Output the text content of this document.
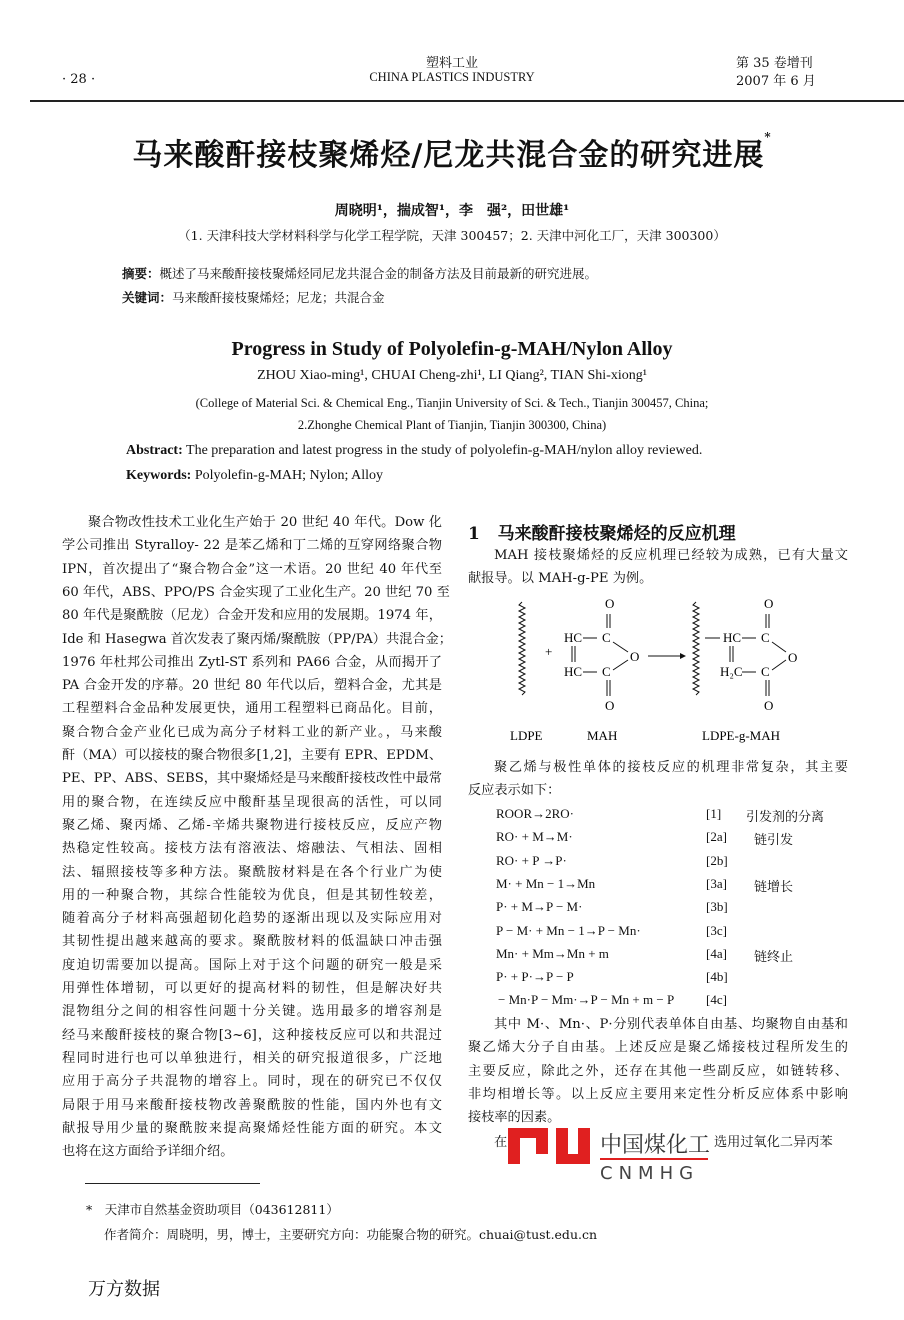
· 28 ·
塑料工业
CHINA PLASTICS INDUSTRY
第 35 卷增刊
2007 年 6 月
马来酸酐接枝聚烯烃/尼龙共混合金的研究进展*
周晓明¹，揣成智¹，李　强²，田世雄¹
（1. 天津科技大学材料科学与化学工程学院，天津 300457；2. 天津中河化工厂，天津 300300）
摘要：概述了马来酸酐接枝聚烯烃同尼龙共混合金的制备方法及目前最新的研究进展。
关键词：马来酸酐接枝聚烯烃；尼龙；共混合金
Progress in Study of Polyolefin-g-MAH/Nylon Alloy
ZHOU Xiao-ming¹, CHUAI Cheng-zhi¹, LI Qiang², TIAN Shi-xiong¹
(College of Material Sci. & Chemical Eng., Tianjin University of Sci. & Tech., Tianjin 300457, China;
2.Zhonghe Chemical Plant of Tianjin, Tianjin 300300, China)
Abstract: The preparation and latest progress in the study of polyolefin-g-MAH/nylon alloy reviewed.
Keywords: Polyolefin-g-MAH; Nylon; Alloy
聚合物改性技术工业化生产始于 20 世纪 40 年代。Dow 化
学公司推出 Styralloy- 22 是苯乙烯和丁二烯的互穿网络聚合物
IPN，首次提出了“聚合物合金”这一术语。20 世纪 40 年代至
60 年代，ABS、PPO/PS 合金实现了工业化生产。20 世纪 70 至
80 年代是聚酰胺（尼龙）合金开发和应用的发展期。1974 年，
Ide 和 Hasegwa 首次发表了聚丙烯/聚酰胺（PP/PA）共混合金；
1976 年杜邦公司推出 Zytl-ST 系列和 PA66 合金，从而揭开了
PA 合金开发的序幕。20 世纪 80 年代以后，塑料合金，尤其是
工程塑料合金品种发展更快，通用工程塑料已商品化。目前，
聚合物合金产业化已成为高分子材料工业的新产业。，马来酸
酐（MA）可以接枝的聚合物很多[1,2]，主要有 EPR、EPDM、
PE、PP、ABS、SEBS，其中聚烯烃是马来酸酐接枝改性中最常
用的聚合物，在连续反应中酸酐基呈现很高的活性，可以同
聚乙烯、聚丙烯、乙烯-辛烯共聚物进行接枝反应，反应产物
热稳定性较高。接枝方法有溶液法、熔融法、气相法、固相
法、辐照接枝等多种方法。聚酰胺材料是在各个行业广为使
用的一种聚合物，其综合性能较为优良，但是其韧性较差，
随着高分子材料高强超韧化趋势的逐渐出现以及实际应用对
其韧性提出越来越高的要求。聚酰胺材料的低温缺口冲击强
度迫切需要加以提高。国际上对于这个问题的研究一般是采
用弹性体增韧，可以更好的提高材料的韧性，但是解决好共
混物组分之间的相容性问题十分关键。选用最多的增容剂是
经马来酸酐接枝的聚合物[3~6]，这种接枝反应可以和共混过
程同时进行也可以单独进行，相关的研究报道很多，广泛地
应用于高分子共混物的增容上。同时，现在的研究已不仅仅
局限于用马来酸酐接枝物改善聚酰胺的性能，国内外也有文
献报导用少量的聚酰胺来提高聚烯烃性能方面的研究。本文
也将在这方面给予详细介绍。
1 马来酸酐接枝聚烯烃的反应机理
MAH 接枝聚烯烃的反应机理已经较为成熟，已有大量文
献报导。以 MAH-g-PE 为例。
+
O
HC C
O
HC C
O
HC C
O
O
H₂C C
O
LDPE	MAH	LDPE-g-MAH
聚乙烯与极性单体的接枝反应的机理非常复杂，其主要
反应表示如下：
ROOR→2RO·	[1] 引发剂的分离
RO· + M→M·	[2a] 链引发
RO· + P →P·	[2b]
M· + Mn − 1→Mn	[3a] 链增长
P· + M→P − M·	[3b]
P − M· + Mn − 1→P − Mn·	[3c]
Mn· + Mm→Mn + m	[4a] 链终止
P· + P·→P − P	[4b]
− Mn·P − Mm·→P − Mn + m − P [4c]
其中 M·、Mn·、P·分别代表单体自由基、均聚物自由基和
聚乙烯大分子自由基。上述反应是聚乙烯接枝过程所发生的
主要反应，除此之外，还存在其他一些副反应，如链转移、
非均相增长等。以上反应主要用来定性分析反应体系中影响
接枝率的因素。
在	选用过氧化二异丙苯
中国煤化工
CNMHG
*　天津市自然基金资助项目（043612811）
作者简介：周晓明，男，博士，主要研究方向：功能聚合物的研究。chuai@tust.edu.cn
万方数据
